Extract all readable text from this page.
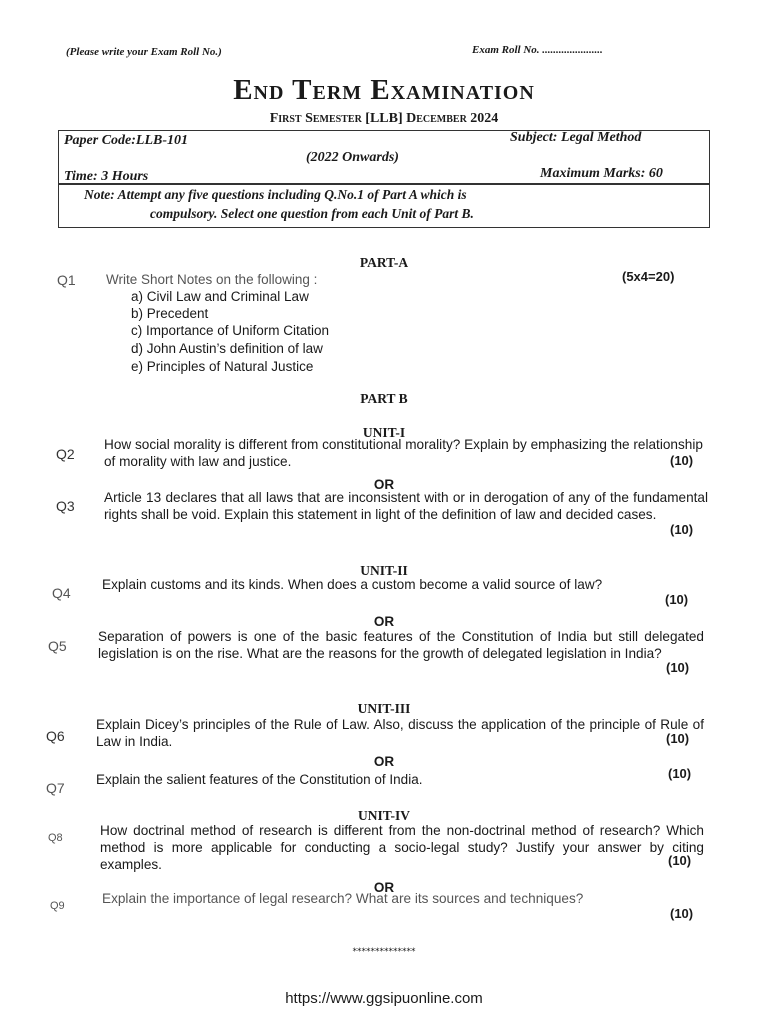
(Please write your Exam Roll No.)	Exam Roll No. ......................
End Term Examination
First Semester [LLB] December 2024
Paper Code:LLB-101	Subject: Legal Method
(2022 Onwards)
Time: 3 Hours	Maximum Marks: 60
Note: Attempt any five questions including Q.No.1 of Part A which is
compulsory. Select one question from each Unit of Part B.
PART-A
Q1 Write Short Notes on the following :	(5x4=20)
a) Civil Law and Criminal Law
b) Precedent
c) Importance of Uniform Citation
d) John Austin’s definition of law
e) Principles of Natural Justice
PART B
UNIT-I
Q2
How social morality is different from constitutional morality? Explain by emphasizing the relationship of morality with law and justice.	(10)
OR
Q3
Article 13 declares that all laws that are inconsistent with or in derogation of any of the fundamental rights shall be void. Explain this statement in light of the definition of law and decided cases.
(10)
UNIT-II
Q4
Explain customs and its kinds. When does a custom become a valid source of law?
(10)
OR
Q5
Separation of powers is one of the basic features of the Constitution of India but still delegated legislation is on the rise. What are the reasons for the growth of delegated legislation in India?
(10)
UNIT-III
Q6
Explain Dicey’s principles of the Rule of Law. Also, discuss the application of the principle of Rule of Law in India.	(10)
OR
Q7
Explain the salient features of the Constitution of India.	(10)
UNIT-IV
Q8	How doctrinal method of research is different from the non-doctrinal method of research? Which method is more applicable for conducting a socio-legal study? Justify your answer by citing examples.	(10)
OR
Q9	Explain the importance of legal research? What are its sources and techniques?
(10)
**************
https://www.ggsipuonline.com
